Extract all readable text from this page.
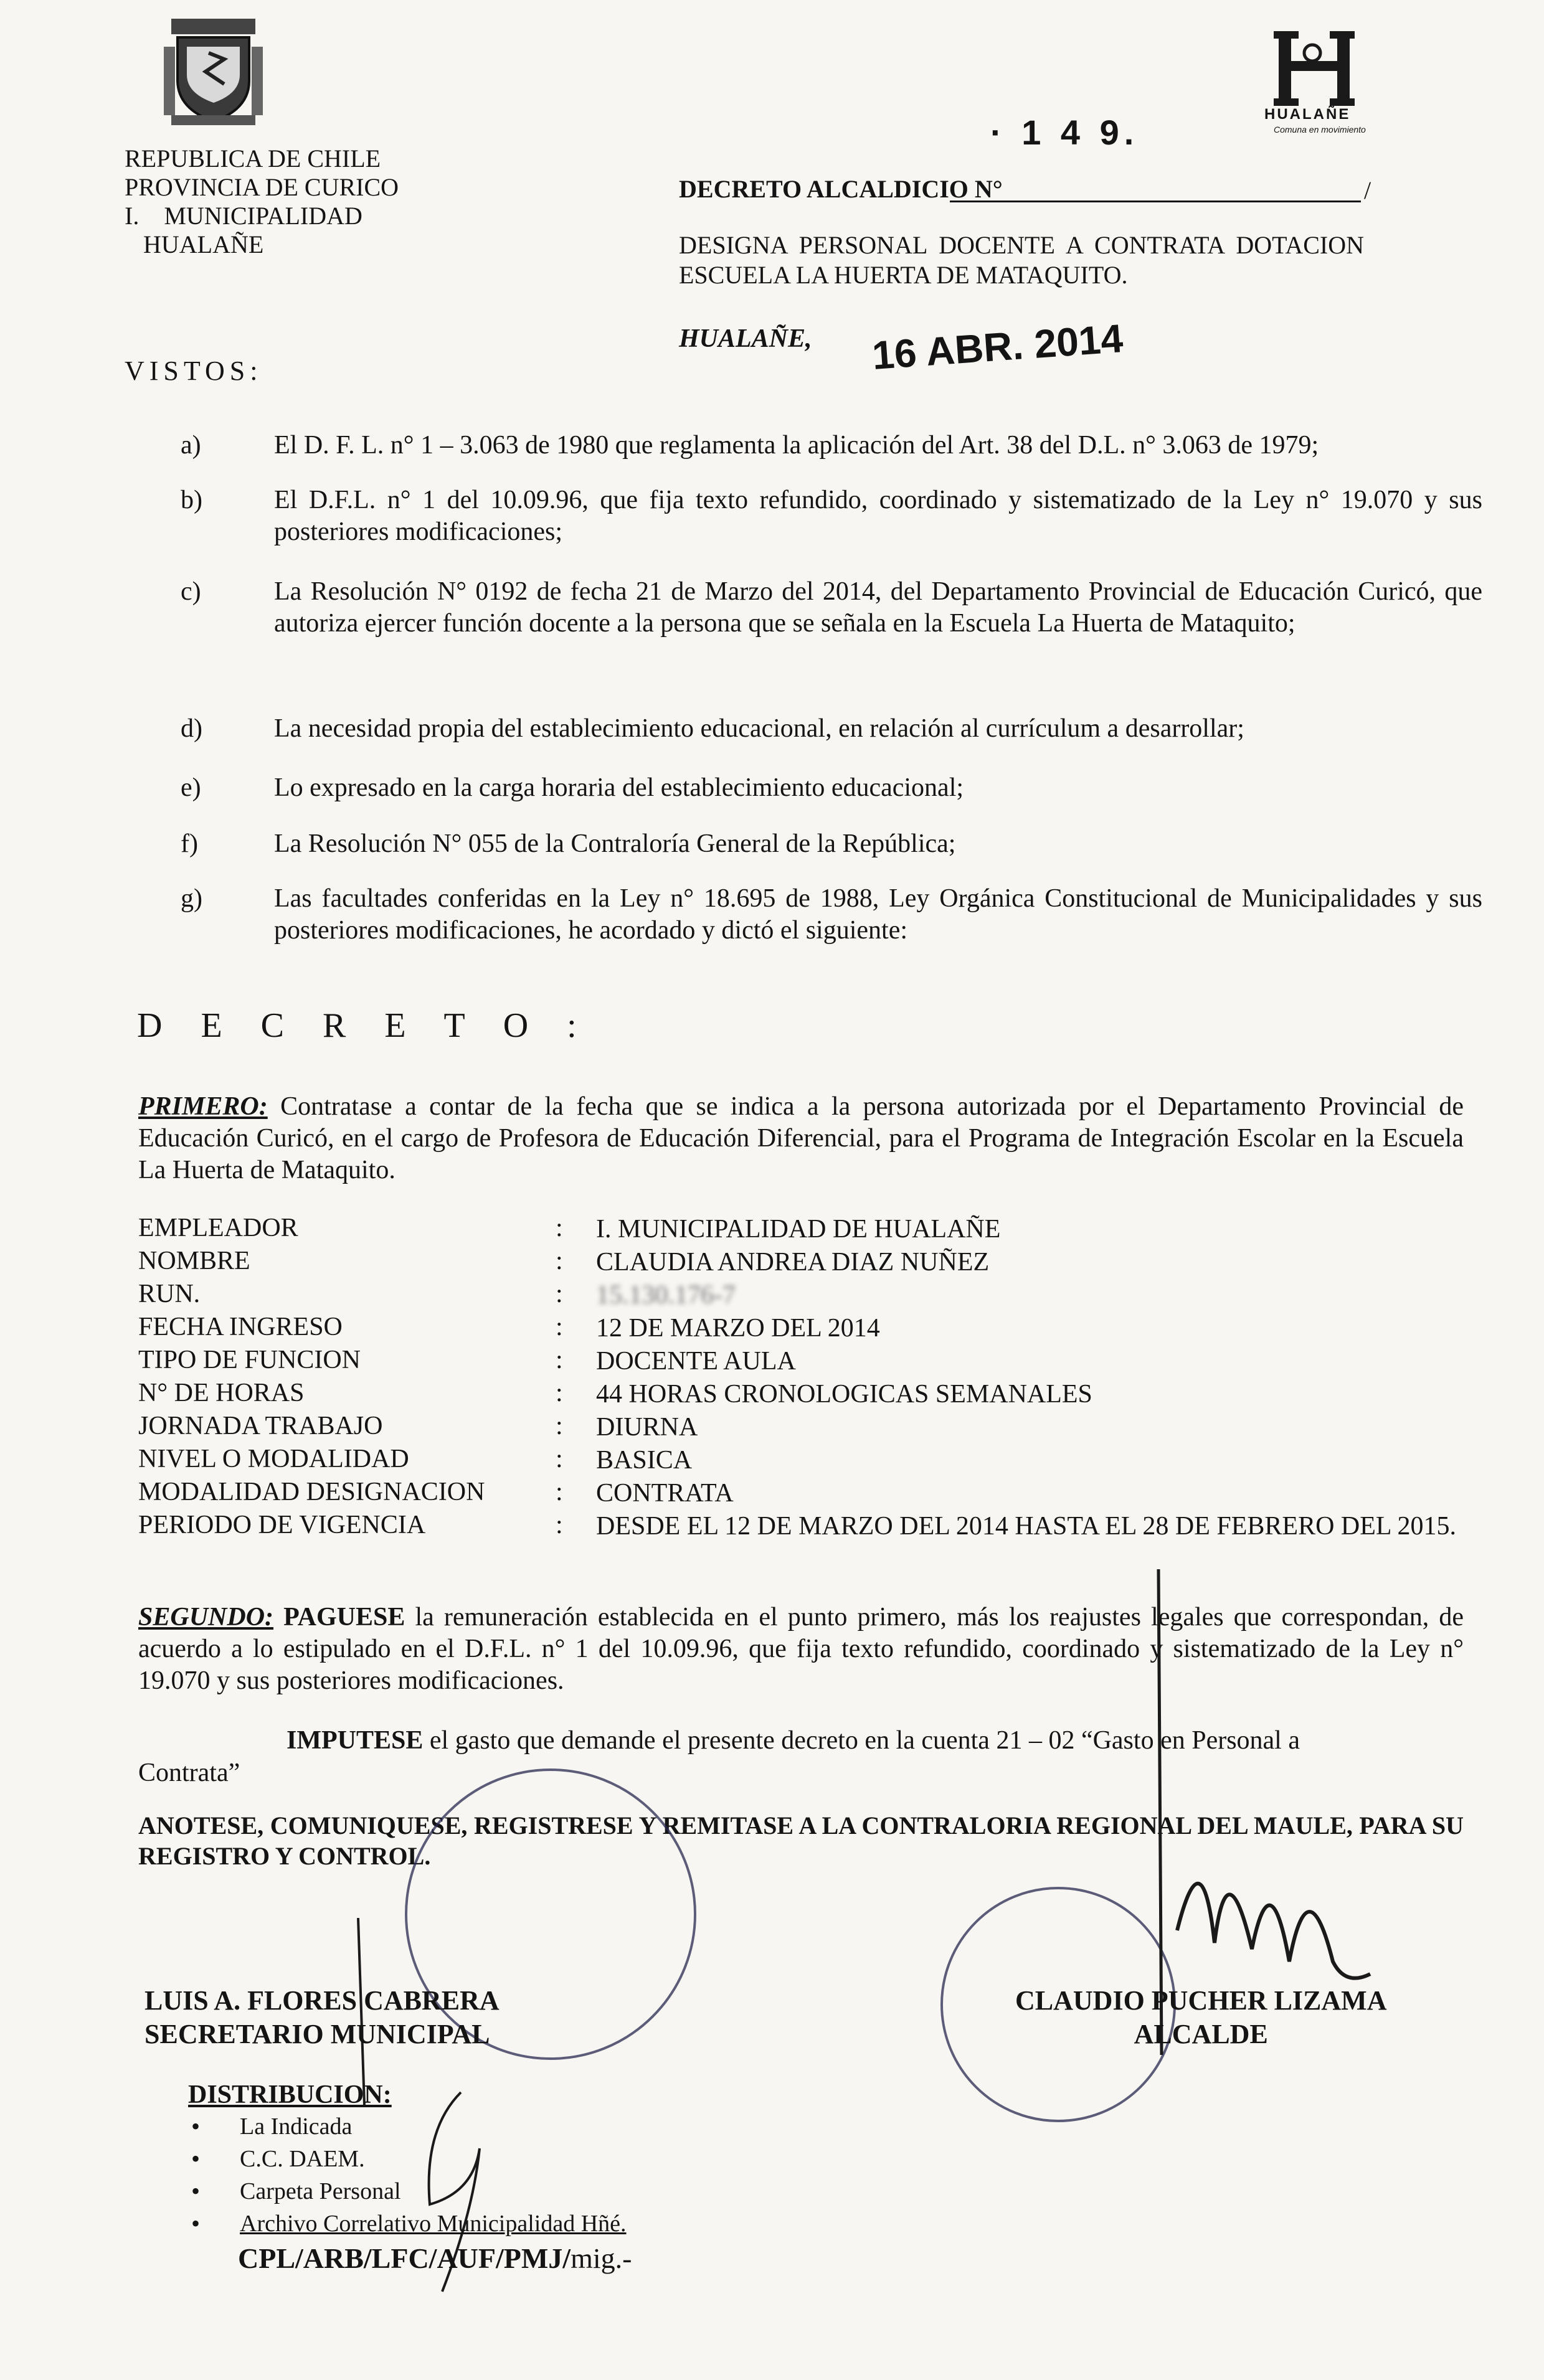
REPUBLICA DE CHILE
PROVINCIA DE CURICO
I.    MUNICIPALIDAD
HUALAÑE
HUALAÑE
Comuna en movimiento
· 1 4 9.
DECRETO ALCALDICIO N°	/
DESIGNA PERSONAL DOCENTE A CONTRATA DOTACION ESCUELA LA HUERTA DE MATAQUITO.
HUALAÑE, 16 ABR. 2014
VISTOS:
a)	El D. F. L. n° 1 – 3.063 de 1980 que reglamenta la aplicación del Art. 38 del D.L. n° 3.063 de 1979;
b)	El D.F.L. n° 1 del 10.09.96, que fija texto refundido, coordinado y sistematizado de la Ley n° 19.070 y sus posteriores modificaciones;
c)	La Resolución N° 0192 de fecha 21 de Marzo del 2014, del Departamento Provincial de Educación Curicó, que autoriza ejercer función docente a la persona que se señala en la Escuela La Huerta de Mataquito;
d)	La necesidad propia del establecimiento educacional, en relación al currículum a desarrollar;
e)	Lo expresado en la carga horaria del establecimiento educacional;
f)	La Resolución N° 055 de la Contraloría General de la República;
g)	Las facultades conferidas en la Ley n° 18.695 de 1988, Ley Orgánica Constitucional de Municipalidades y sus posteriores modificaciones, he acordado y dictó el siguiente:
D E C R E T O :
PRIMERO: Contratase a contar de la fecha que se indica a la persona autorizada por el Departamento Provincial de Educación Curicó, en el cargo de Profesora de Educación Diferencial, para el Programa de Integración Escolar en la Escuela La Huerta de Mataquito.
EMPLEADOR	: I. MUNICIPALIDAD DE HUALAÑE
NOMBRE	: CLAUDIA ANDREA DIAZ NUÑEZ
RUN.	: 15.130.176-7
FECHA INGRESO	: 12 DE MARZO DEL 2014
TIPO DE FUNCION	: DOCENTE AULA
N° DE HORAS	: 44 HORAS CRONOLOGICAS SEMANALES
JORNADA TRABAJO	: DIURNA
NIVEL O MODALIDAD	: BASICA
MODALIDAD DESIGNACION	: CONTRATA
PERIODO DE VIGENCIA	: DESDE EL 12 DE MARZO DEL 2014 HASTA EL 28 DE FEBRERO DEL 2015.
SEGUNDO: PAGUESE la remuneración establecida en el punto primero, más los reajustes legales que correspondan, de acuerdo a lo estipulado en el D.F.L. n° 1 del 10.09.96, que fija texto refundido, coordinado y sistematizado de la Ley n° 19.070 y sus posteriores modificaciones.
IMPUTESE el gasto que demande el presente decreto en la cuenta 21 – 02 “Gasto en Personal a
Contrata”
ANOTESE, COMUNIQUESE, REGISTRESE Y REMITASE A LA CONTRALORIA REGIONAL DEL MAULE, PARA SU REGISTRO Y CONTROL.
LUIS A. FLORES CABRERA
SECRETARIO MUNICIPAL
CLAUDIO PUCHER LIZAMA
ALCALDE
DISTRIBUCION:
• La Indicada
• C.C. DAEM.
• Carpeta Personal
• Archivo Correlativo Municipalidad Hñé.
CPL/ARB/LFC/AUF/PMJ/mig.-
